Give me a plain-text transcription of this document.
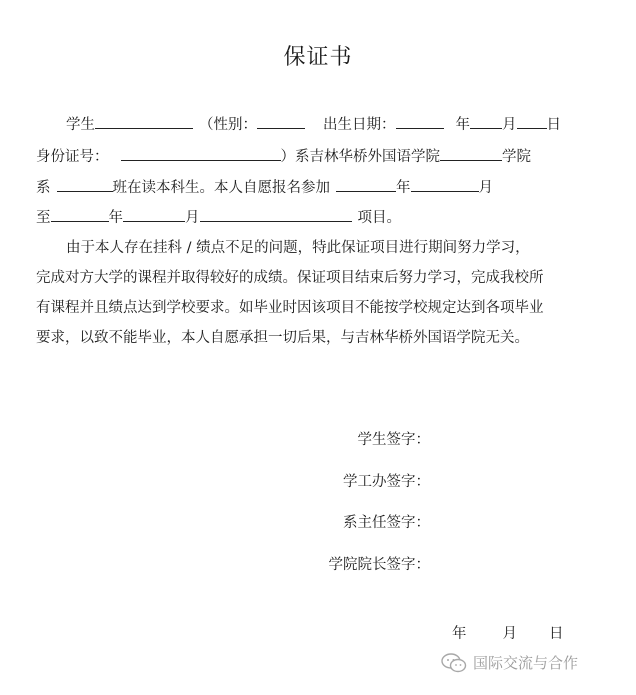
保证书
学生	（性别：	出生日期：	年 月 日
身份证号：	）系吉林华桥外国语学院	学院
系	班在读本科生。本人自愿报名参加	年	月
至	年	月	项目。
由于本人存在挂科 / 绩点不足的问题，特此保证项目进行期间努力学习，
完成对方大学的课程并取得较好的成绩。保证项目结束后努力学习，完成我校所
有课程并且绩点达到学校要求。如毕业时因该项目不能按学校规定达到各项毕业
要求，以致不能毕业，本人自愿承担一切后果，与吉林华桥外国语学院无关。
学生签字：
学工办签字：
系主任签字：
学院院长签字：
年 月 日
国际交流与合作
